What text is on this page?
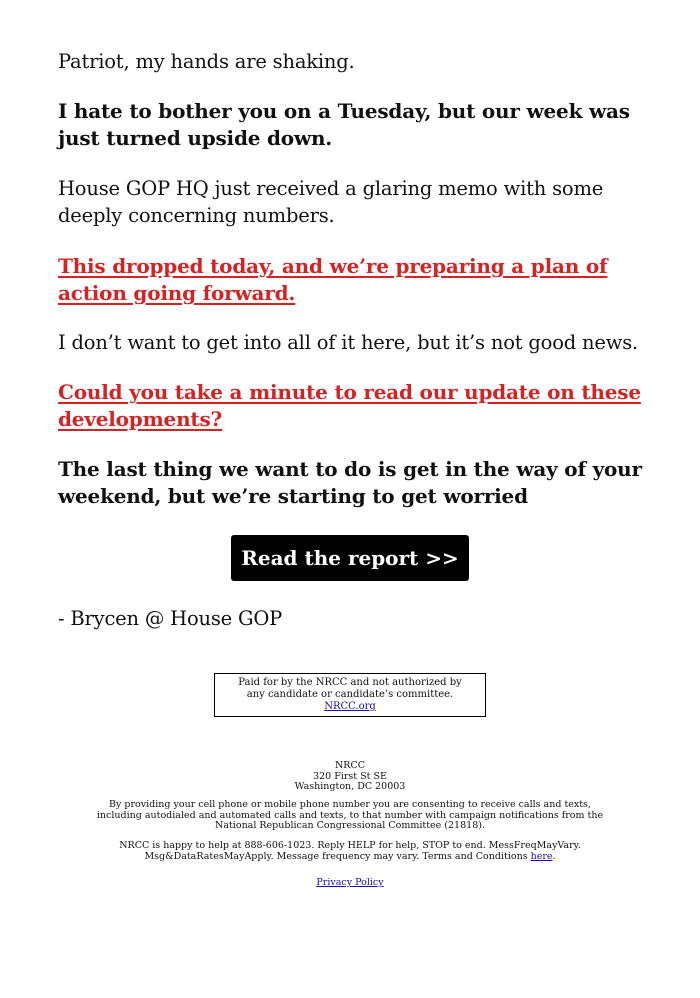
Patriot, my hands are shaking.

I hate to bother you on a Tuesday, but our week was just turned upside down.

House GOP HQ just received a glaring memo with some deeply concerning numbers.

This dropped today, and we’re preparing a plan of action going forward.

I don’t want to get into all of it here, but it’s not good news.

Could you take a minute to read our update on these developments?

The last thing we want to do is get in the way of your weekend, but we’re starting to get worried

Read the report >>

- Brycen @ House GOP

Paid for by the NRCC and not authorized by any candidate or candidate’s committee. NRCC.org

NRCC
320 First St SE
Washington, DC 20003

By providing your cell phone or mobile phone number you are consenting to receive calls and texts, including autodialed and automated calls and texts, to that number with campaign notifications from the National Republican Congressional Committee (21818).

NRCC is happy to help at 888-606-1023. Reply HELP for help, STOP to end. MessFreqMayVary. Msg&DataRatesMayApply. Message frequency may vary. Terms and Conditions here.

Privacy Policy
